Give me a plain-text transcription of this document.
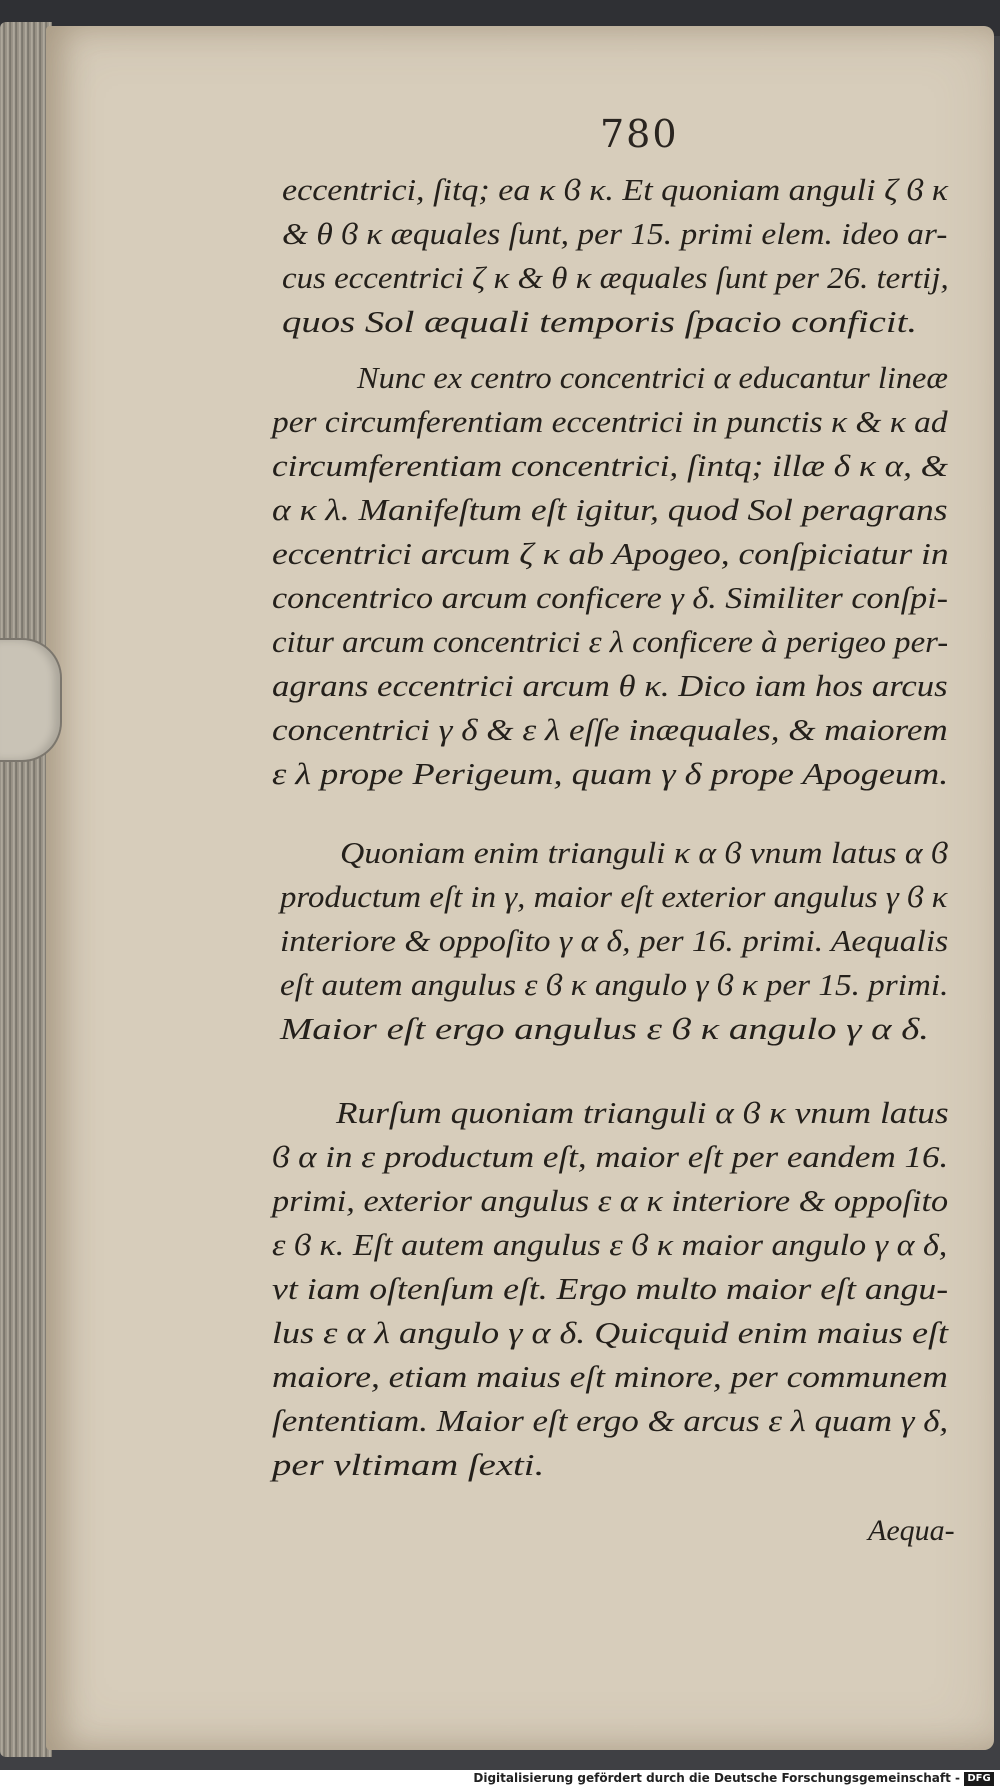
780
eccentrici, ſitq; ea κ ϐ κ. Et quoniam anguli ζ ϐ κ
& θ ϐ κ æquales ſunt, per 15. primi elem. ideo ar-
cus eccentrici ζ κ & θ κ æquales ſunt per 26. tertij,
quos Sol æquali temporis ſpacio conficit.
Nunc ex centro concentrici α educantur lineæ
per circumferentiam eccentrici in punctis κ & κ ad
circumferentiam concentrici, ſintq; illæ δ κ α, &
α κ λ. Manifeſtum eſt igitur, quod Sol peragrans
eccentrici arcum ζ κ ab Apogeo, conſpiciatur in
concentrico arcum conficere γ δ. Similiter conſpi-
citur arcum concentrici ε λ conficere à perigeo per-
agrans eccentrici arcum θ κ. Dico iam hos arcus
concentrici γ δ & ε λ eſſe inæquales, & maiorem
ε λ prope Perigeum, quam γ δ prope Apogeum.
Quoniam enim trianguli κ α ϐ vnum latus α ϐ
productum eſt in γ, maior eſt exterior angulus γ ϐ κ
interiore & oppoſito γ α δ, per 16. primi. Aequalis
eſt autem angulus ε ϐ κ angulo γ ϐ κ per 15. primi.
Maior eſt ergo angulus ε ϐ κ angulo γ α δ.
Rurſum quoniam trianguli α ϐ κ vnum latus
ϐ α in ε productum eſt, maior eſt per eandem 16.
primi, exterior angulus ε α κ interiore & oppoſito
ε ϐ κ. Eſt autem angulus ε ϐ κ maior angulo γ α δ,
vt iam oſtenſum eſt. Ergo multo maior eſt angu-
lus ε α λ angulo γ α δ. Quicquid enim maius eſt
maiore, etiam maius eſt minore, per communem
ſententiam. Maior eſt ergo & arcus ε λ quam γ δ,
per vltimam ſexti.
Aequa-
Digitalisierung gefördert durch die Deutsche Forschungsgemeinschaft - DFG
